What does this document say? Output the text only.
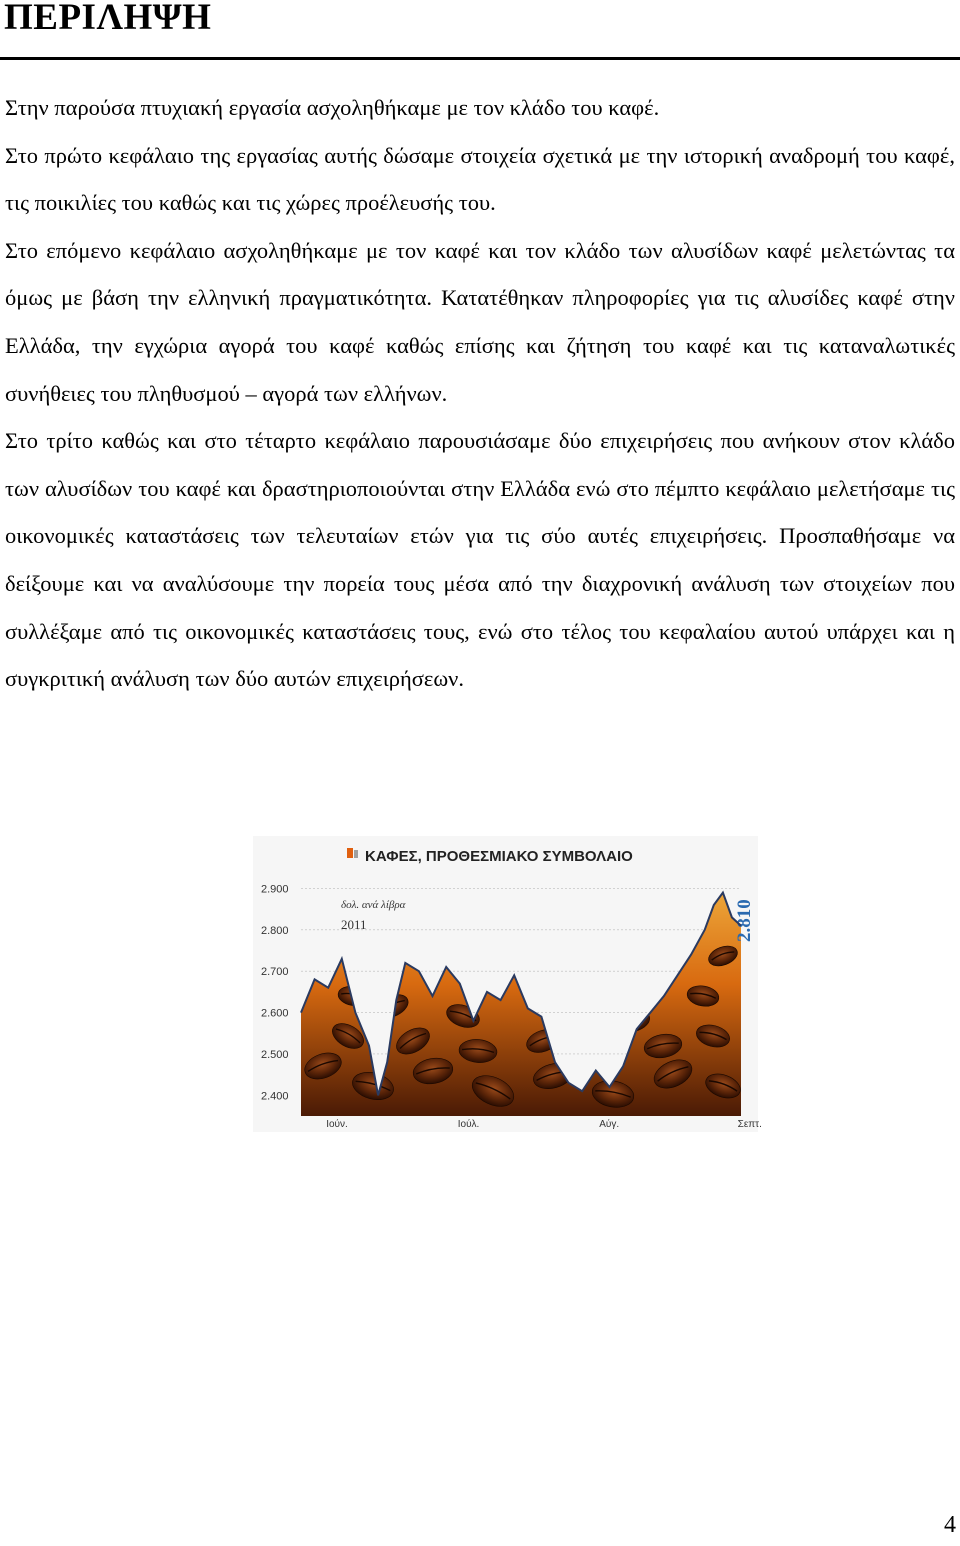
ΠΕΡΙΛΗΨΗ

Στην παρούσα πτυχιακή εργασία ασχοληθήκαμε με τον κλάδο του καφέ.

Στο πρώτο κεφάλαιο της εργασίας αυτής δώσαμε στοιχεία σχετικά με την ιστορική αναδρομή του καφέ, τις ποικιλίες του καθώς και τις χώρες προέλευσής του.

Στο επόμενο κεφάλαιο ασχοληθήκαμε με τον καφέ και τον κλάδο των αλυσίδων καφέ μελετώντας τα όμως με βάση την ελληνική πραγματικότητα. Κατατέθηκαν πληροφορίες για τις αλυσίδες καφέ στην Ελλάδα, την εγχώρια αγορά του καφέ καθώς επίσης και ζήτηση του καφέ και τις καταναλωτικές συνήθειες του πληθυσμού – αγορά των ελλήνων.

Στο τρίτο καθώς και στο τέταρτο κεφάλαιο παρουσιάσαμε δύο επιχειρήσεις που ανήκουν στον κλάδο των αλυσίδων του καφέ και δραστηριοποιούνται στην Ελλάδα ενώ στο πέμπτο κεφάλαιο μελετήσαμε τις οικονομικές καταστάσεις των τελευταίων ετών για τις σύο αυτές επιχειρήσεις. Προσπαθήσαμε να δείξουμε και να αναλύσουμε την πορεία τους μέσα από την διαχρονική ανάλυση των στοιχείων που συλλέξαμε από τις οικονομικές καταστάσεις τους, ενώ στο τέλος του κεφαλαίου αυτού υπάρχει και η συγκριτική ανάλυση των δύο αυτών επιχειρήσεων.

ΚΑΦΕΣ, ΠΡΟΘΕΣΜΙΑΚΟ ΣΥΜΒΟΛΑΙΟ
2.900
2.800
2.700
2.600
2.500
2.400
Ιούν.	Ιούλ.	Αύγ.	Σεπτ.
δολ. ανά λίβρα
2011	2.810
4
